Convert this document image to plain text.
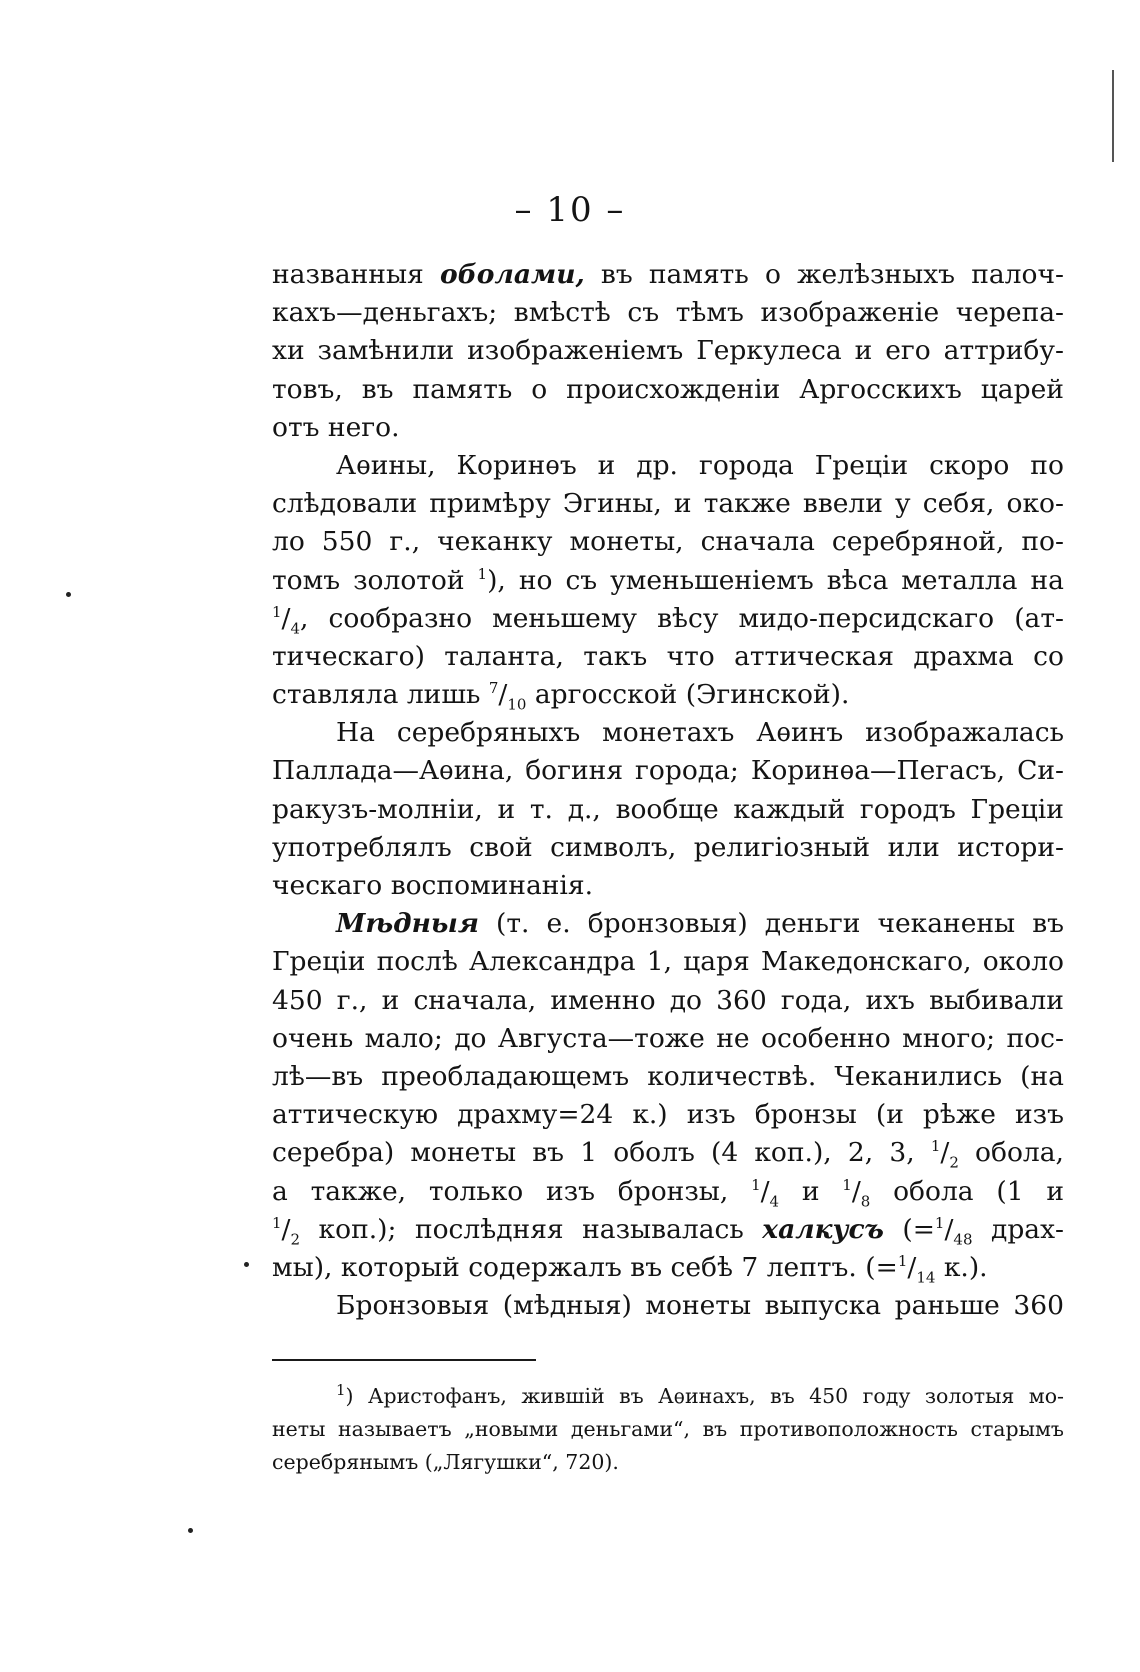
– 10 –
названныя оболами, въ память о желѣзныхъ палоч-
кахъ—деньгахъ; вмѣстѣ съ тѣмъ изображеніе черепа-
хи замѣнили изображеніемъ Геркулеса и его аттрибу-
товъ, въ память о происхожденіи Аргосскихъ царей
отъ
него.
Аѳины, Коринѳъ и др. города Греціи скоро по
слѣдовали примѣру Эгины, и также ввели у себя, око-
ло 550 г., чеканку монеты, сначала серебряной, по-
томъ золотой $^1$), но съ уменьшеніемъ вѣса металла на
$^1/_4$, сообразно меньшему вѣсу мидо-персидскаго (ат-
тическаго) таланта, такъ что аттическая драхма со
ставляла
лишь
$^7/_{10}$
аргосской
(Эгинской).
На серебряныхъ монетахъ Аѳинъ изображалась
Паллада—Аѳина, богиня города; Коринѳа—Пегасъ, Си-
ракузъ-молніи, и т. д., вообще каждый городъ Греціи
употреблялъ свой символъ, религіозный или истори-
ческаго
воспоминанія.
Мѣдныя (т. е. бронзовыя) деньги чеканены въ
Греціи послѣ Александра 1, царя Македонскаго, около
450 г., и сначала, именно до 360 года, ихъ выбивали
очень мало; до Августа—тоже не особенно много; пос-
лѣ—въ преобладающемъ количествѣ. Чеканились (на
аттическую драхму=24 к.) изъ бронзы (и рѣже изъ
серебра) монеты въ 1 оболъ (4 коп.), 2, 3, $^1/_2$ обола,
а также, только изъ бронзы, $^1/_4$ и $^1/_8$ обола (1 и
$^1/_2$ коп.); послѣдняя называлась халкусъ ($=^1/_{48}$ драх-
мы),
который
содержалъ
въ
себѣ
7
лептъ.
($=^1/_{14}$
к.).
Бронзовыя (мѣдныя) монеты выпуска раньше 360
$^1$) Аристофанъ, жившій въ Аѳинахъ, въ 450 году золотыя мо-
неты называетъ „новыми деньгами“, въ противоположность старымъ
серебрянымъ
(„Лягушки“,
720).
